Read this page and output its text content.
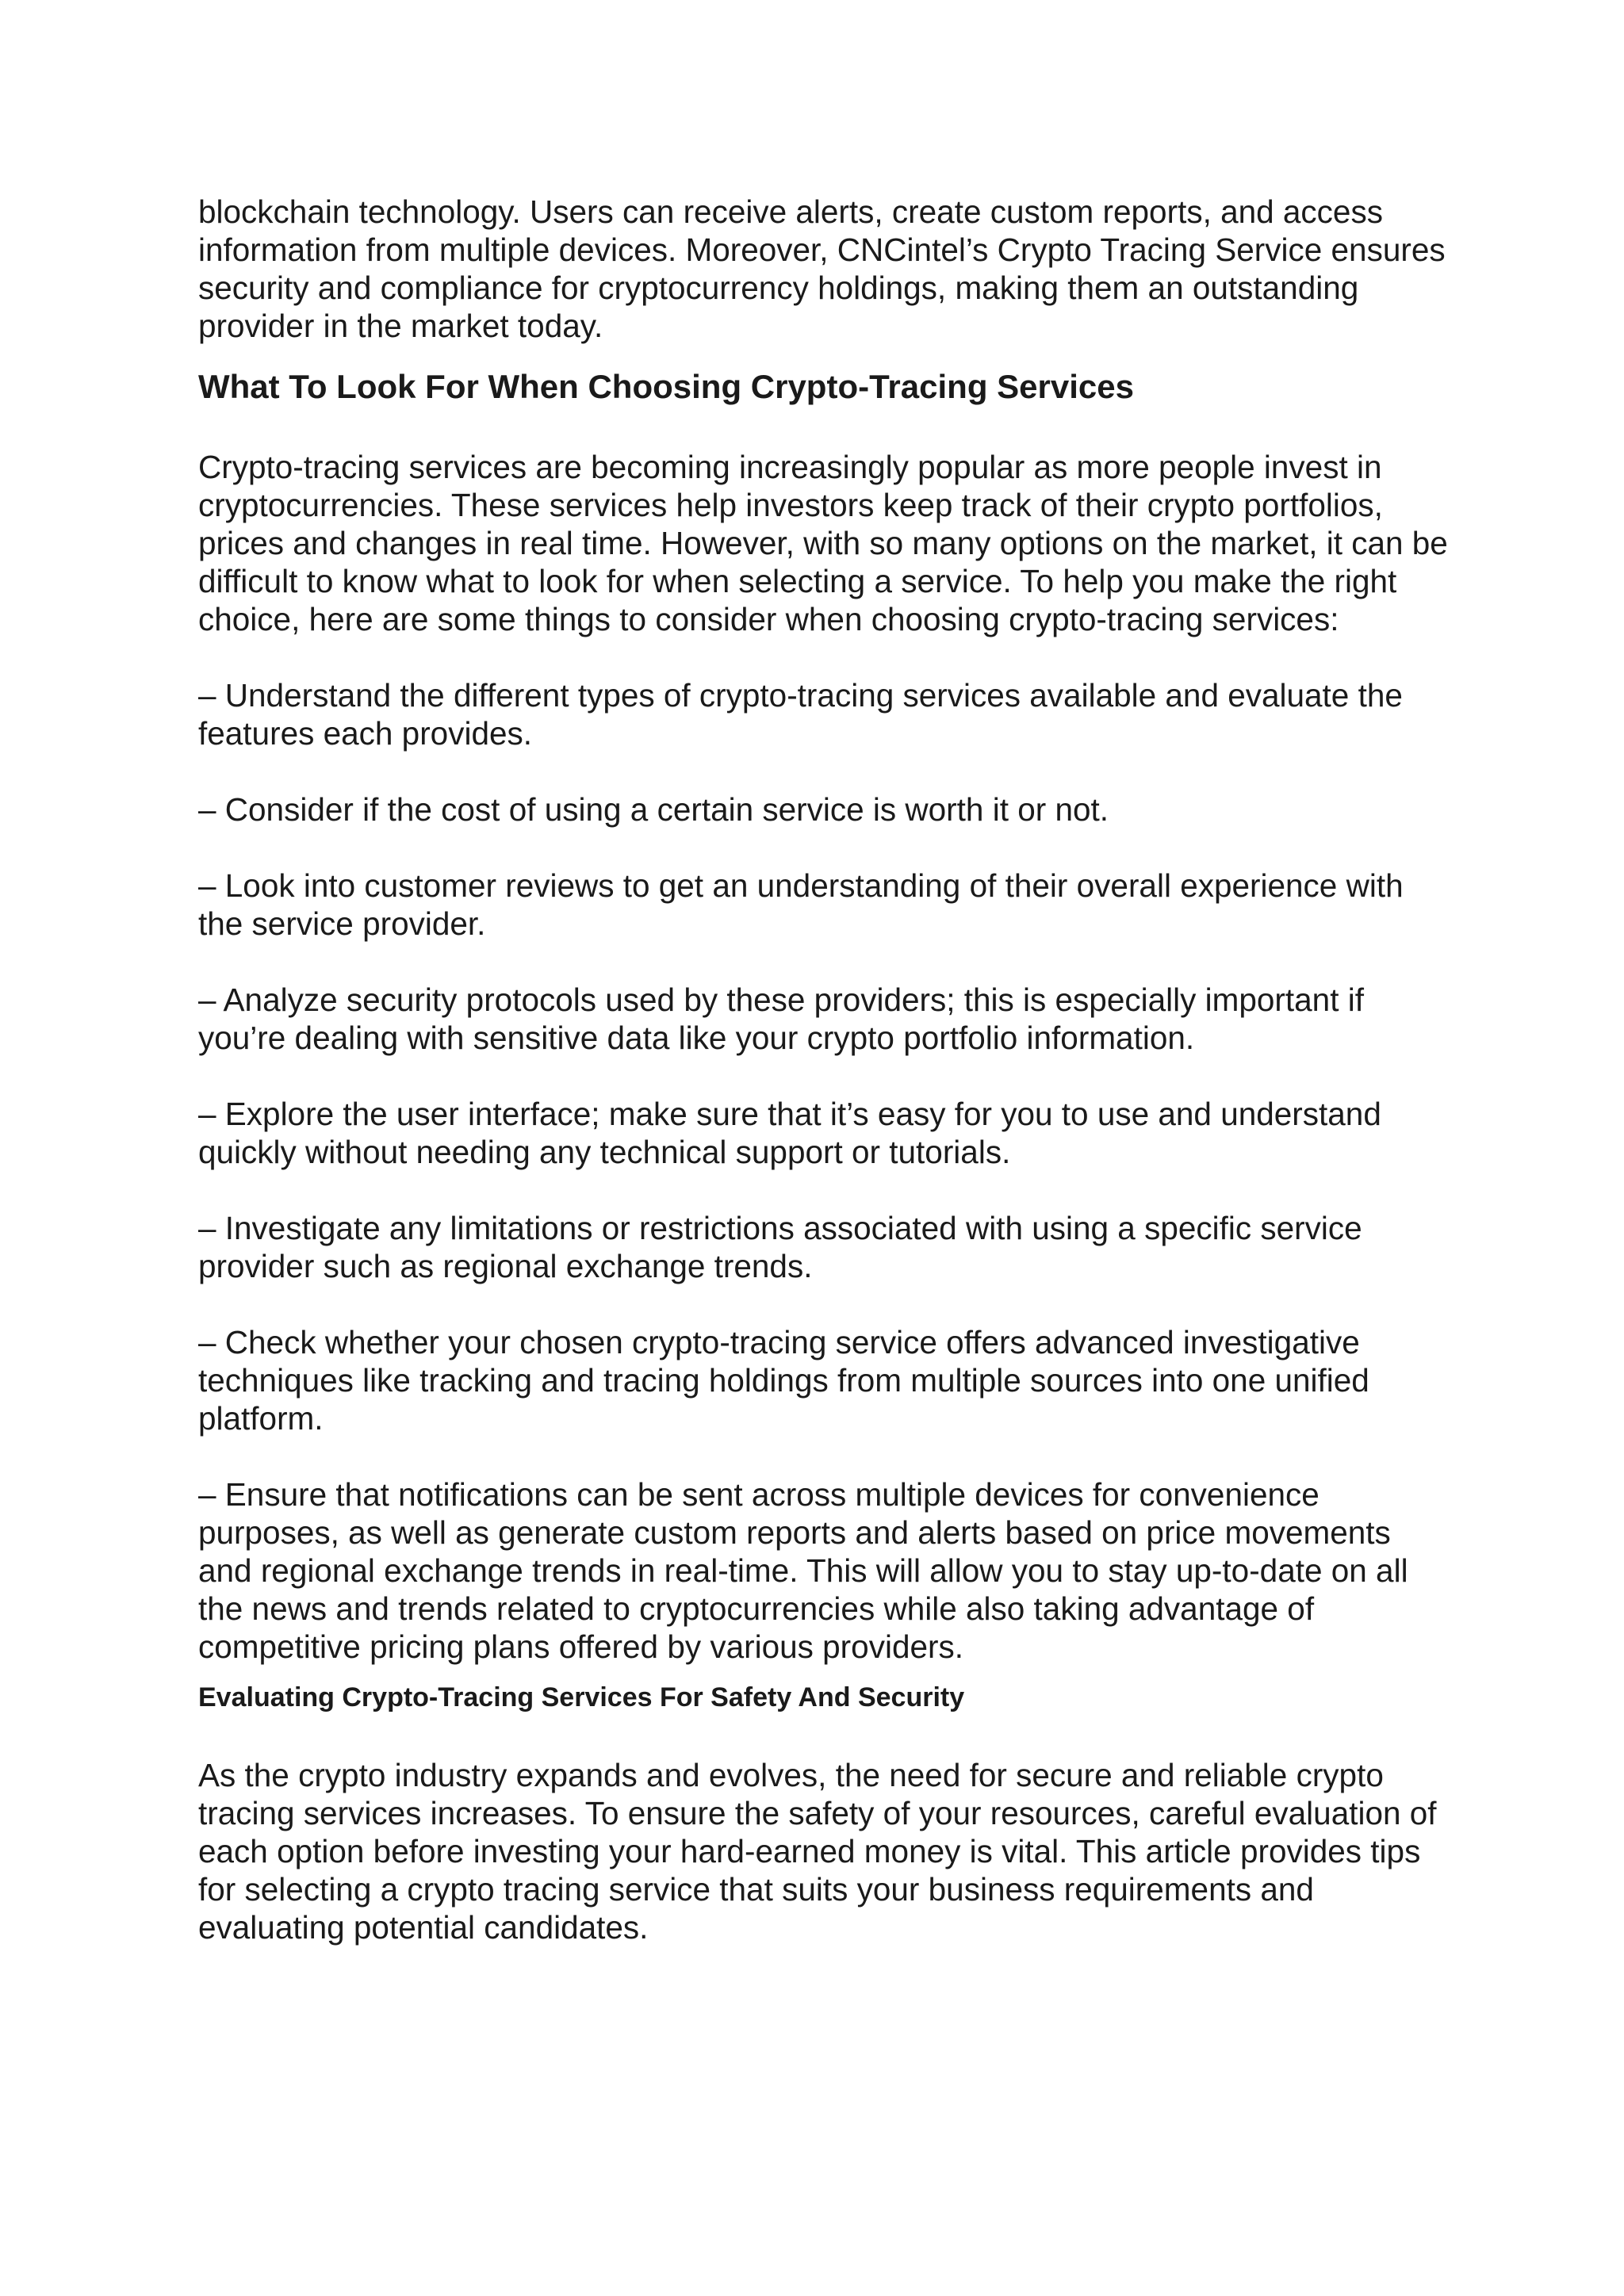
blockchain technology. Users can receive alerts, create custom reports, and access information from multiple devices. Moreover, CNCintel’s Crypto Tracing Service ensures security and compliance for cryptocurrency holdings, making them an outstanding provider in the market today.

What To Look For When Choosing Crypto-Tracing Services

Crypto-tracing services are becoming increasingly popular as more people invest in cryptocurrencies. These services help investors keep track of their crypto portfolios, prices and changes in real time. However, with so many options on the market, it can be difficult to know what to look for when selecting a service. To help you make the right choice, here are some things to consider when choosing crypto-tracing services:

– Understand the different types of crypto-tracing services available and evaluate the features each provides.

– Consider if the cost of using a certain service is worth it or not.

– Look into customer reviews to get an understanding of their overall experience with the service provider.

– Analyze security protocols used by these providers; this is especially important if you’re dealing with sensitive data like your crypto portfolio information.

– Explore the user interface; make sure that it’s easy for you to use and understand quickly without needing any technical support or tutorials.

– Investigate any limitations or restrictions associated with using a specific service provider such as regional exchange trends.

– Check whether your chosen crypto-tracing service offers advanced investigative techniques like tracking and tracing holdings from multiple sources into one unified platform.

– Ensure that notifications can be sent across multiple devices for convenience purposes, as well as generate custom reports and alerts based on price movements and regional exchange trends in real-time. This will allow you to stay up-to-date on all the news and trends related to cryptocurrencies while also taking advantage of competitive pricing plans offered by various providers.

Evaluating Crypto-Tracing Services For Safety And Security

As the crypto industry expands and evolves, the need for secure and reliable crypto tracing services increases. To ensure the safety of your resources, careful evaluation of each option before investing your hard-earned money is vital. This article provides tips for selecting a crypto tracing service that suits your business requirements and evaluating potential candidates.
